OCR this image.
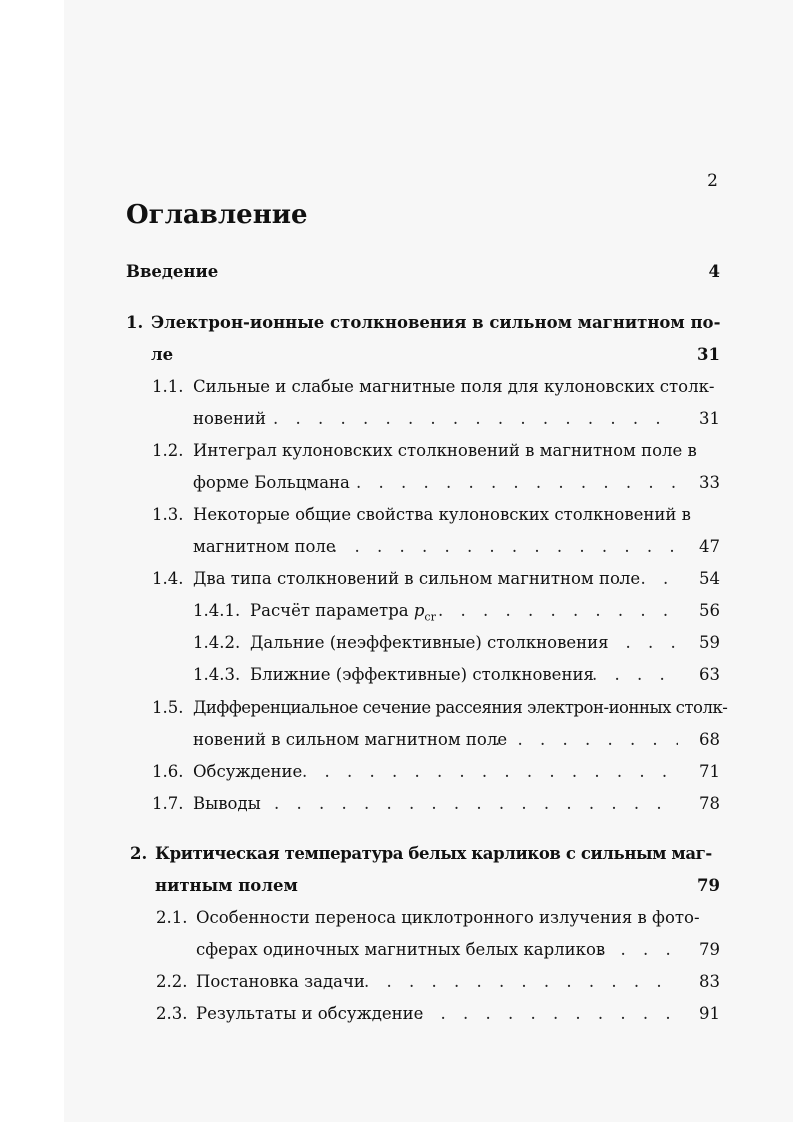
2
Оглавление
Введение	4
1. Электрон-ионные столкновения в сильном магнитном по-
ле	31
1.1. Сильные и слабые магнитные поля для кулоновских столк-
новений . . .	31
1.2. Интеграл кулоновских столкновений в магнитном поле в
форме Больцмана . . .	33
1.3. Некоторые общие свойства кулоновских столкновений в
магнитном поле . . .	47
1.4. Два типа столкновений в сильном магнитном поле . . .	54
1.4.1. Расчёт параметра $p_{cr}$ . . .	56
1.4.2. Дальние (неэффективные) столкновения . . .	59
1.4.3. Ближние (эффективные) столкновения . . .	63
1.5. Дифференциальное сечение рассеяния электрон-ионных столк-
новений в сильном магнитном поле . . .	68
1.6. Обсуждение . . .	71
1.7. Выводы . . .	78
2. Критическая температура белых карликов с сильным маг-
нитным полем	79
2.1. Особенности переноса циклотронного излучения в фото-
сферах одиночных магнитных белых карликов . . .	79
2.2. Постановка задачи . . .	83
2.3. Результаты и обсуждение . . .	91
